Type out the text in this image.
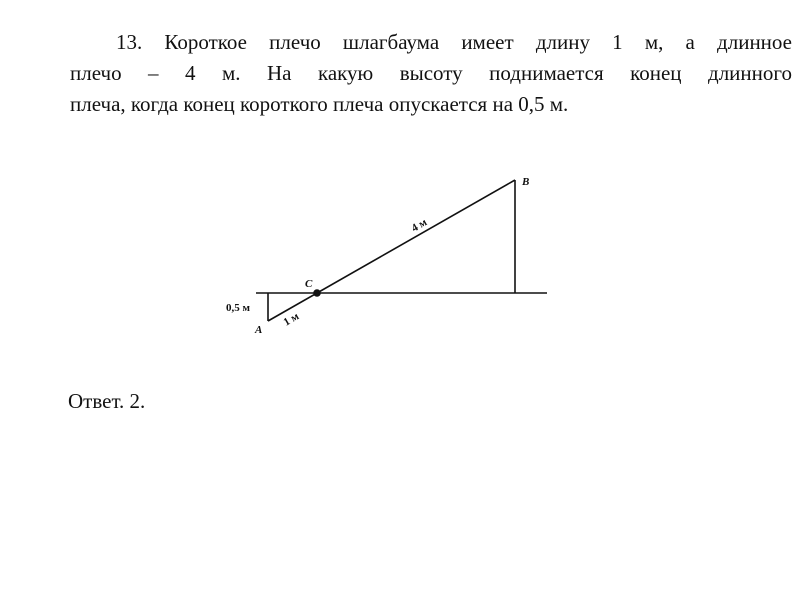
13. Короткое плечо шлагбаума имеет длину 1 м, а длинное
плечо – 4 м. На какую высоту поднимается конец длинного
плеча, когда конец короткого плеча опускается на 0,5 м.

B
C
A
0,5 м
4 м
1 м

Ответ. 2.
